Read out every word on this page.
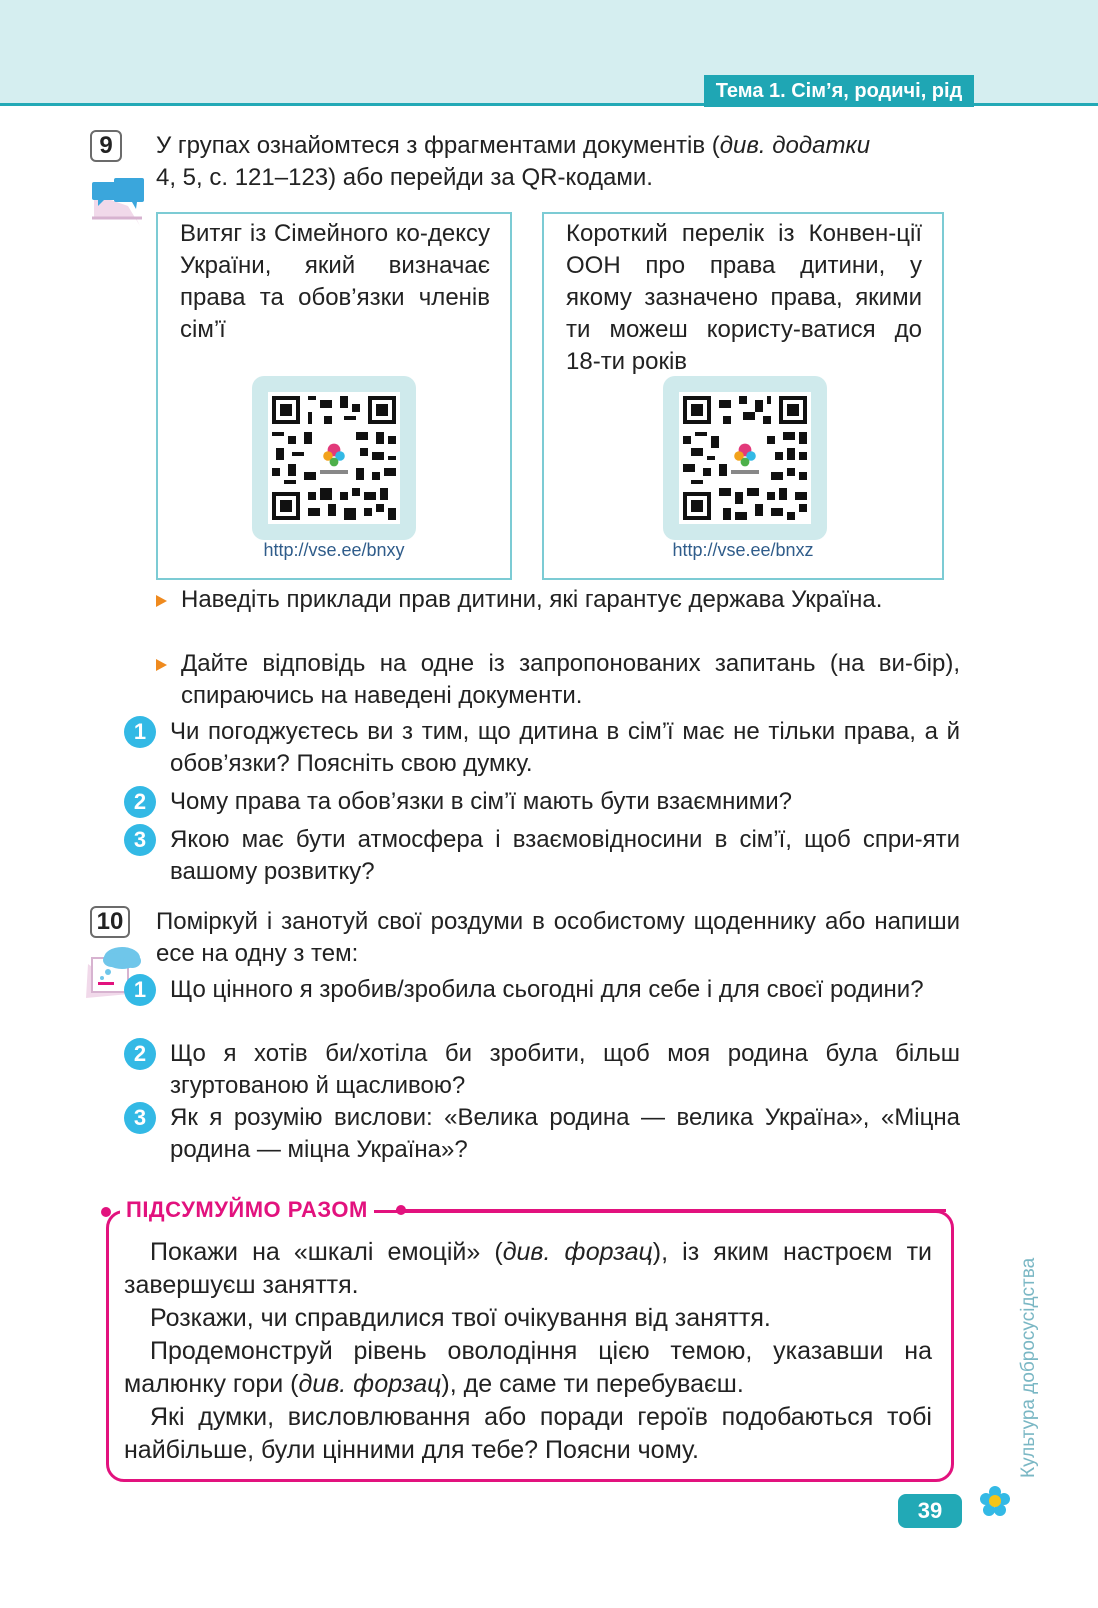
Тема 1. Сім’я, родичі, рід
9	У групах ознайомтеся з фрагментами документів (див. додатки
4, 5, с. 121–123) або перейди за QR-кодами.
Витяг із Сімейного ко-дексу України, який визначає права та обов’язки членів сім’ї
http://vse.ee/bnxy
Короткий перелік із Конвен-ції ООН про права дитини, у якому зазначено права, якими ти можеш користу-ватися до 18-ти років
http://vse.ee/bnxz
Наведіть приклади прав дитини, які гарантує держава Україна.
Дайте відповідь на одне із запропонованих запитань (на ви-бір), спираючись на наведені документи.
1 Чи погоджуєтесь ви з тим, що дитина в сім’ї має не тільки права, а й обов’язки? Поясніть свою думку.
2 Чому права та обов’язки в сім’ї мають бути взаємними?
3 Якою має бути атмосфера і взаємовідносини в сім’ї, щоб спри-яти вашому розвитку?
10 Поміркуй і занотуй свої роздуми в особистому щоденнику або напиши есе на одну з тем:
1 Що цінного я зробив/зробила сьогодні для себе і для своєї родини?
2 Що я хотів би/хотіла би зробити, щоб моя родина була більш згуртованою й щасливою?
3 Як я розумію вислови: «Велика родина — велика Україна», «Міцна родина — міцна Україна»?
ПІДСУМУЙМО РАЗОМ

Покажи на «шкалі емоцій» (див. форзац), із яким настроєм ти завершуєш заняття.

Розкажи, чи справдилися твої очікування від заняття.

Продемонструй рівень оволодіння цією темою, указавши на малюнку гори (див. форзац), де саме ти перебуваєш.

Які думки, висловлювання або поради героїв подобаються тобі найбільше, були цінними для тебе? Поясни чому.	Культура добросусідства
39
